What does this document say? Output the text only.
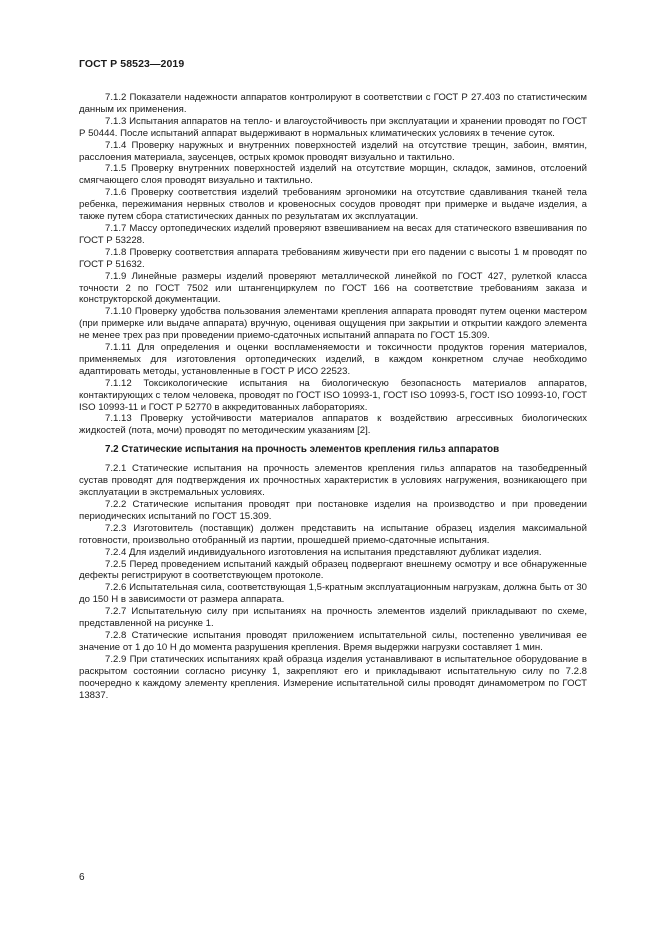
ГОСТ Р 58523—2019

7.1.2 Показатели надежности аппаратов контролируют в соответствии с ГОСТ Р 27.403 по статистическим данным их применения.

7.1.3 Испытания аппаратов на тепло- и влагоустойчивость при эксплуатации и хранении проводят по ГОСТ Р 50444. После испытаний аппарат выдерживают в нормальных климатических условиях в течение суток.

7.1.4 Проверку наружных и внутренних поверхностей изделий на отсутствие трещин, забоин, вмятин, расслоения материала, заусенцев, острых кромок проводят визуально и тактильно.

7.1.5 Проверку внутренних поверхностей изделий на отсутствие морщин, складок, заминов, отслоений смягчающего слоя проводят визуально и тактильно.

7.1.6 Проверку соответствия изделий требованиям эргономики на отсутствие сдавливания тканей тела ребенка, пережимания нервных стволов и кровеносных сосудов проводят при примерке и выдаче изделия, а также путем сбора статистических данных по результатам их эксплуатации.

7.1.7 Массу ортопедических изделий проверяют взвешиванием на весах для статического взвешивания по ГОСТ Р 53228.

7.1.8 Проверку соответствия аппарата требованиям живучести при его падении с высоты 1 м проводят по ГОСТ Р 51632.

7.1.9 Линейные размеры изделий проверяют металлической линейкой по ГОСТ 427, рулеткой класса точности 2 по ГОСТ 7502 или штангенциркулем по ГОСТ 166 на соответствие требованиям заказа и конструкторской документации.

7.1.10 Проверку удобства пользования элементами крепления аппарата проводят путем оценки мастером (при примерке или выдаче аппарата) вручную, оценивая ощущения при закрытии и открытии каждого элемента не менее трех раз при проведении приемо-сдаточных испытаний аппарата по ГОСТ 15.309.

7.1.11 Для определения и оценки воспламеняемости и токсичности продуктов горения материалов, применяемых для изготовления ортопедических изделий, в каждом конкретном случае необходимо адаптировать методы, установленные в ГОСТ Р ИСО 22523.

7.1.12 Токсикологические испытания на биологическую безопасность материалов аппаратов, контактирующих с телом человека, проводят по ГОСТ ISO 10993-1, ГОСТ ISO 10993-5, ГОСТ ISO 10993-10, ГОСТ ISO 10993-11 и ГОСТ Р 52770 в аккредитованных лабораториях.

7.1.13 Проверку устойчивости материалов аппаратов к воздействию агрессивных биологических жидкостей (пота, мочи) проводят по методическим указаниям [2].

7.2 Статические испытания на прочность элементов крепления гильз аппаратов

7.2.1 Статические испытания на прочность элементов крепления гильз аппаратов на тазобедренный сустав проводят для подтверждения их прочностных характеристик в условиях нагружения, возникающего при эксплуатации в экстремальных условиях.

7.2.2 Статические испытания проводят при постановке изделия на производство и при проведении периодических испытаний по ГОСТ 15.309.

7.2.3 Изготовитель (поставщик) должен представить на испытание образец изделия максимальной готовности, произвольно отобранный из партии, прошедшей приемо-сдаточные испытания.

7.2.4 Для изделий индивидуального изготовления на испытания представляют дубликат изделия.

7.2.5 Перед проведением испытаний каждый образец подвергают внешнему осмотру и все обнаруженные дефекты регистрируют в соответствующем протоколе.

7.2.6 Испытательная сила, соответствующая 1,5-кратным эксплуатационным нагрузкам, должна быть от 30 до 150 Н в зависимости от размера аппарата.

7.2.7 Испытательную силу при испытаниях на прочность элементов изделий прикладывают по схеме, представленной на рисунке 1.

7.2.8 Статические испытания проводят приложением испытательной силы, постепенно увеличивая ее значение от 1 до 10 Н до момента разрушения крепления. Время выдержки нагрузки составляет 1 мин.

7.2.9 При статических испытаниях край образца изделия устанавливают в испытательное оборудование в раскрытом состоянии согласно рисунку 1, закрепляют его и прикладывают испытательную силу по 7.2.8 поочередно к каждому элементу крепления. Измерение испытательной силы проводят динамометром по ГОСТ 13837.

6
